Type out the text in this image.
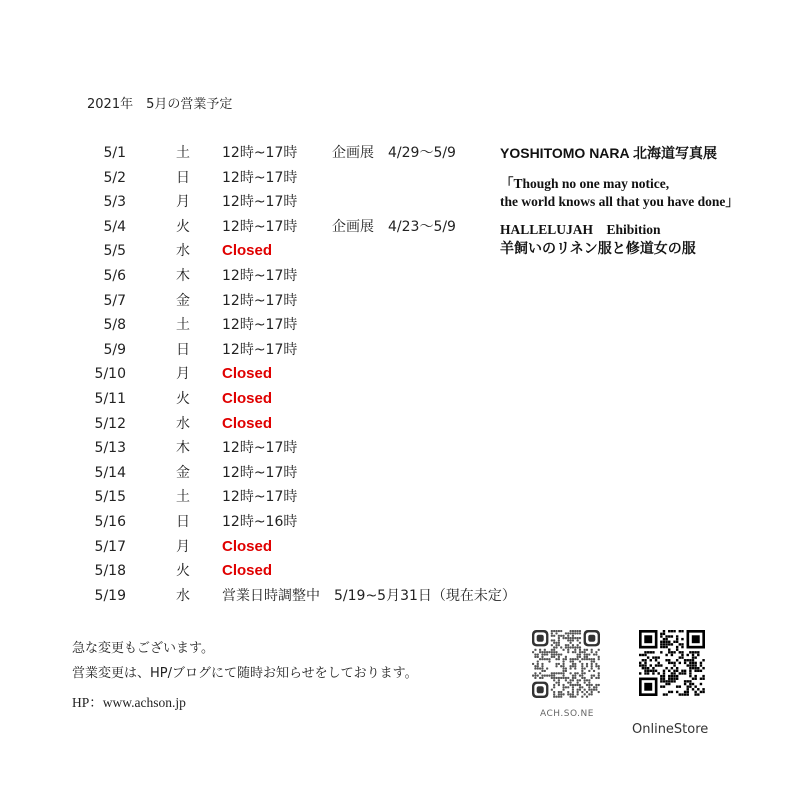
2021年　5月の営業予定
5/1	土 12時~17時 企画展　4/29〜5/9
5/2	日 12時~17時
5/3	月 12時~17時
5/4	火 12時~17時 企画展　4/23〜5/9
5/5	水 Closed
5/6	木 12時~17時
5/7	金 12時~17時
5/8	土 12時~17時
5/9	日 12時~17時
5/10	月 Closed
5/11	火 Closed
5/12	水 Closed
5/13	木 12時~17時
5/14	金 12時~17時
5/15	土 12時~17時
5/16	日 12時~16時
5/17	月 Closed
5/18	火 Closed
5/19	水 営業日時調整中　5/19~5月31日（現在未定）
YOSHITOMO NARA 北海道写真展
「Though no one may notice,
the world knows all that you have done」
HALLELUJAH　Ehibition
羊飼いのリネン服と修道女の服
急な変更もございます。
営業変更は、HP/ブログにて随時お知らせをしております。
HP：www.achson.jp
ACH.SO.NE
OnlineStore
